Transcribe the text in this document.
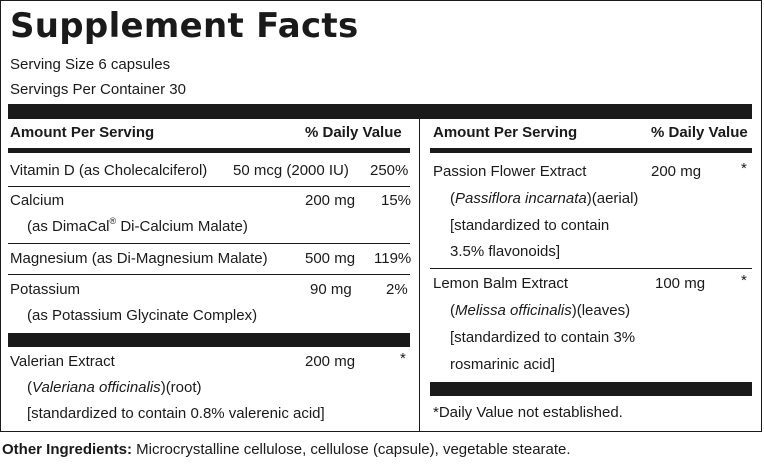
Supplement Facts
Serving Size 6 capsules
Servings Per Container 30
Amount Per Serving	% Daily Value
Vitamin D (as Cholecalciferol) 50 mcg (2000 IU) 250%
Calcium	200 mg 15%
(as DimaCal® Di-Calcium Malate)
Magnesium (as Di-Magnesium Malate) 500 mg 119%
Potassium	90 mg 2%
(as Potassium Glycinate Complex)
Valerian Extract	200 mg	*
(Valeriana officinalis)(root)
[standardized to contain 0.8% valerenic acid]
Amount Per Serving	% Daily Value
Passion Flower Extract	200 mg	*
(Passiflora incarnata)(aerial)
[standardized to contain
3.5% flavonoids]
Lemon Balm Extract	100 mg *
(Melissa officinalis)(leaves)
[standardized to contain 3%
rosmarinic acid]
*Daily Value not established.
Other Ingredients: Microcrystalline cellulose, cellulose (capsule), vegetable stearate.
